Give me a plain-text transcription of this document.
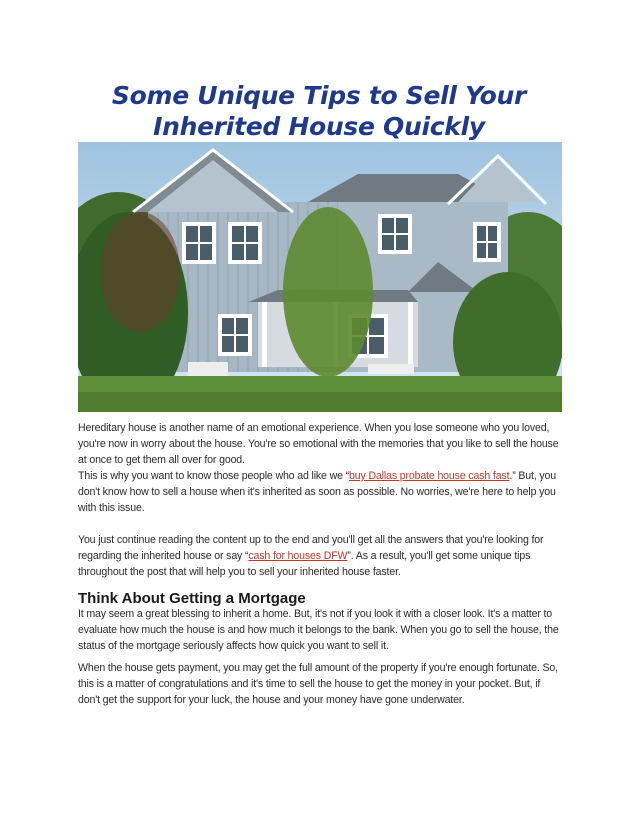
Some Unique Tips to Sell Your Inherited House Quickly

Hereditary house is another name of an emotional experience. When you lose someone who you loved, you're now in worry about the house. You're so emotional with the memories that you like to sell the house at once to get them all over for good.

This is why you want to know those people who ad like we “buy Dallas probate house cash fast.” But, you don't know how to sell a house when it's inherited as soon as possible. No worries, we're here to help you with this issue.

You just continue reading the content up to the end and you'll get all the answers that you're looking for regarding the inherited house or say “cash for houses DFW”. As a result, you'll get some unique tips throughout the post that will help you to sell your inherited house faster.

Think About Getting a Mortgage

It may seem a great blessing to inherit a home. But, it's not if you look it with a closer look. It's a matter to evaluate how much the house is and how much it belongs to the bank. When you go to sell the house, the status of the mortgage seriously affects how quick you want to sell it.

When the house gets payment, you may get the full amount of the property if you're enough fortunate. So, this is a matter of congratulations and it's time to sell the house to get the money in your pocket. But, if don't get the support for your luck, the house and your money have gone underwater.
